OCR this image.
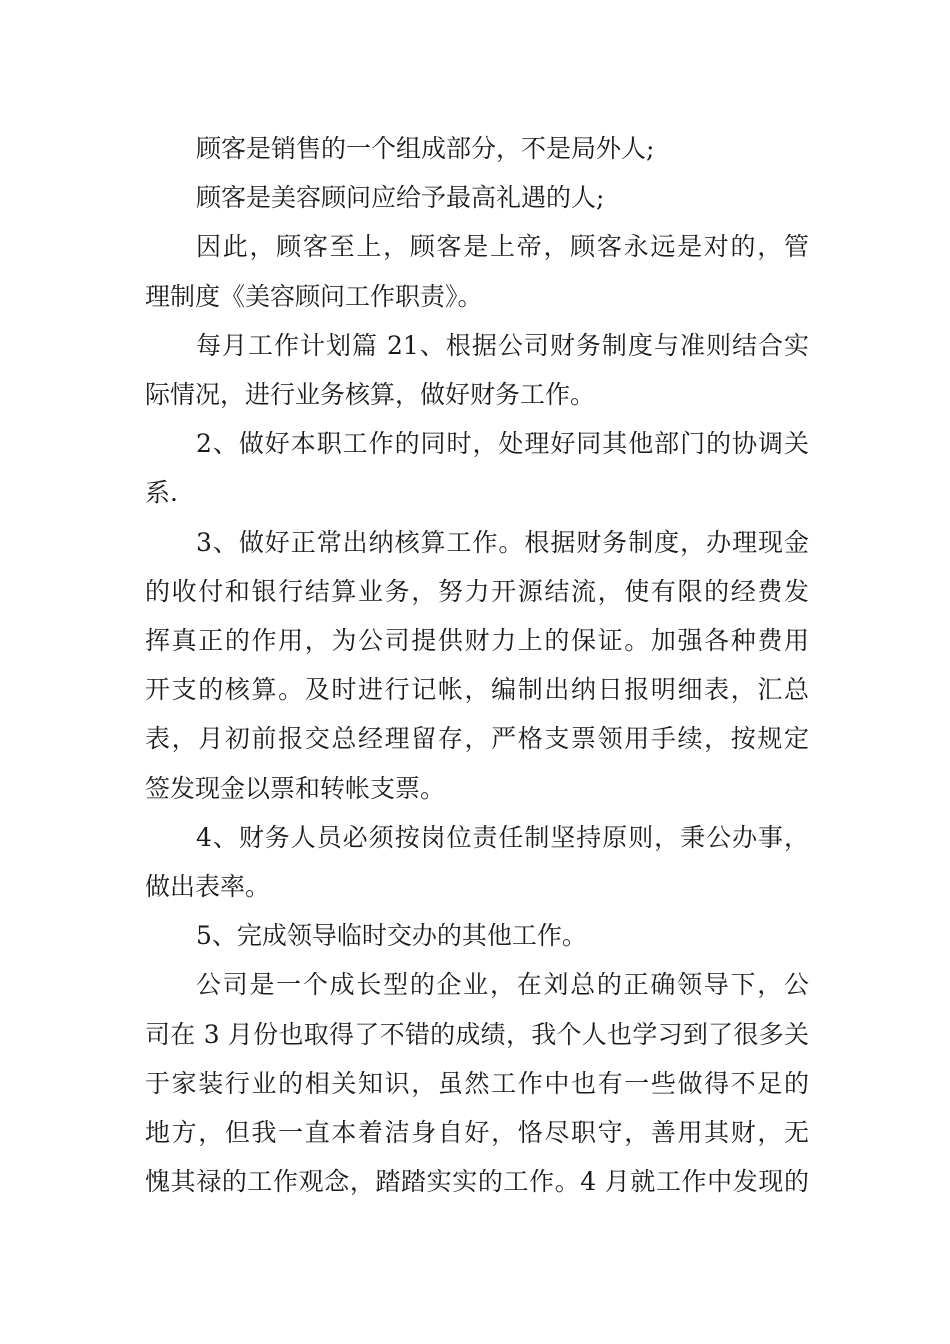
顾客是销售的一个组成部分，不是局外人;

顾客是美容顾问应给予最高礼遇的人;

因此，顾客至上，顾客是上帝，顾客永远是对的，管
理制度《美容顾问工作职责》。

每月工作计划篇 21、根据公司财务制度与准则结合实
际情况，进行业务核算，做好财务工作。

2、做好本职工作的同时，处理好同其他部门的协调关
系.

3、做好正常出纳核算工作。根据财务制度，办理现金
的收付和银行结算业务，努力开源结流，使有限的经费发
挥真正的作用，为公司提供财力上的保证。加强各种费用
开支的核算。及时进行记帐，编制出纳日报明细表，汇总
表，月初前报交总经理留存，严格支票领用手续，按规定
签发现金以票和转帐支票。

4、财务人员必须按岗位责任制坚持原则，秉公办事，
做出表率。

5、完成领导临时交办的其他工作。

公司是一个成长型的企业，在刘总的正确领导下，公
司在 3 月份也取得了不错的成绩，我个人也学习到了很多关
于家装行业的相关知识，虽然工作中也有一些做得不足的
地方，但我一直本着洁身自好，恪尽职守，善用其财，无
愧其禄的工作观念，踏踏实实的工作。4 月就工作中发现的
